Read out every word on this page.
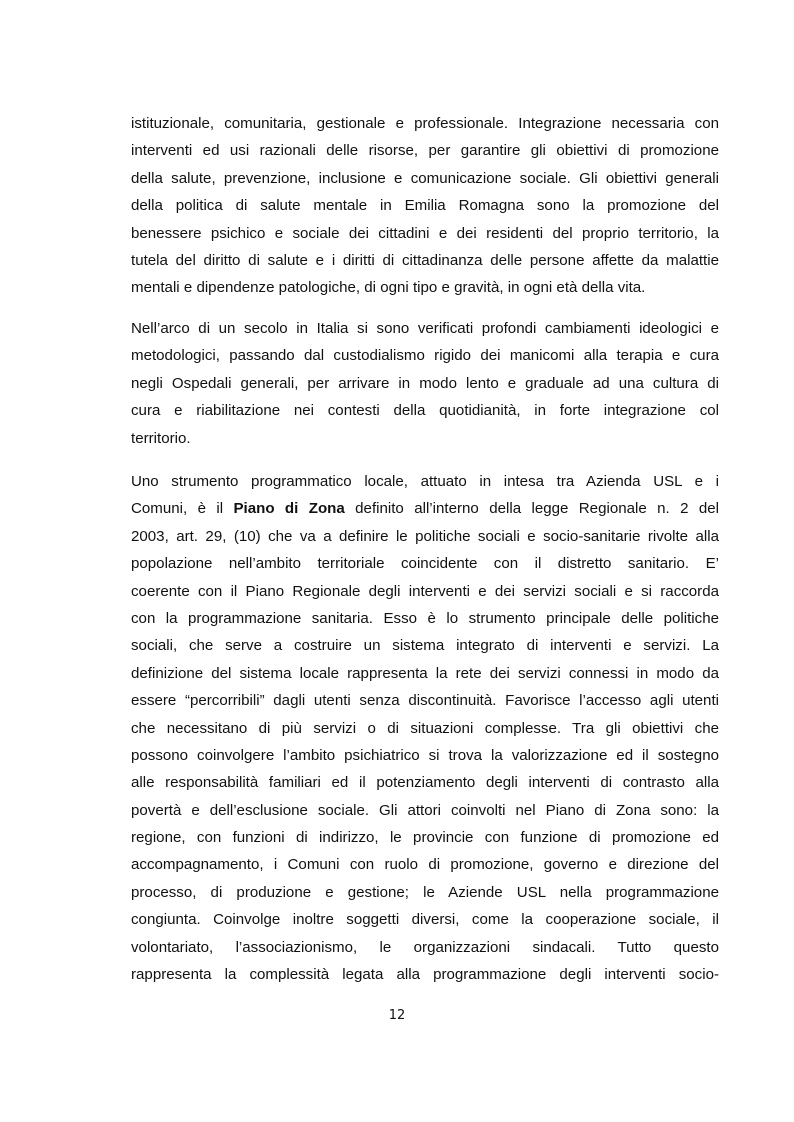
istituzionale, comunitaria, gestionale e professionale. Integrazione necessaria con
interventi ed usi razionali delle risorse, per garantire gli obiettivi di promozione
della salute, prevenzione, inclusione e comunicazione sociale. Gli obiettivi generali
della politica di salute mentale in Emilia Romagna sono la promozione del
benessere psichico e sociale dei cittadini e dei residenti del proprio territorio, la
tutela del diritto di salute e i diritti di cittadinanza delle persone affette da malattie
mentali e dipendenze patologiche, di ogni tipo e gravità, in ogni età della vita.
Nell’arco di un secolo in Italia si sono verificati profondi cambiamenti ideologici e
metodologici, passando dal custodialismo rigido dei manicomi alla terapia e cura
negli Ospedali generali, per arrivare in modo lento e graduale ad una cultura di
cura e riabilitazione nei contesti della quotidianità, in forte integrazione col
territorio.
Uno strumento programmatico locale, attuato in intesa tra Azienda USL e i
Comuni, è il Piano di Zona definito all’interno della legge Regionale n. 2 del
2003, art. 29, (10) che va a definire le politiche sociali e socio-sanitarie rivolte alla
popolazione nell’ambito territoriale coincidente con il distretto sanitario. E’
coerente con il Piano Regionale degli interventi e dei servizi sociali e si raccorda
con la programmazione sanitaria. Esso è lo strumento principale delle politiche
sociali, che serve a costruire un sistema integrato di interventi e servizi. La
definizione del sistema locale rappresenta la rete dei servizi connessi in modo da
essere “percorribili” dagli utenti senza discontinuità. Favorisce l’accesso agli utenti
che necessitano di più servizi o di situazioni complesse. Tra gli obiettivi che
possono coinvolgere l’ambito psichiatrico si trova la valorizzazione ed il sostegno
alle responsabilità familiari ed il potenziamento degli interventi di contrasto alla
povertà e dell’esclusione sociale. Gli attori coinvolti nel Piano di Zona sono: la
regione, con funzioni di indirizzo, le provincie con funzione di promozione ed
accompagnamento, i Comuni con ruolo di promozione, governo e direzione del
processo, di produzione e gestione; le Aziende USL nella programmazione
congiunta. Coinvolge inoltre soggetti diversi, come la cooperazione sociale, il
volontariato, l’associazionismo, le organizzazioni sindacali. Tutto questo
rappresenta la complessità legata alla programmazione degli interventi socio-
12
